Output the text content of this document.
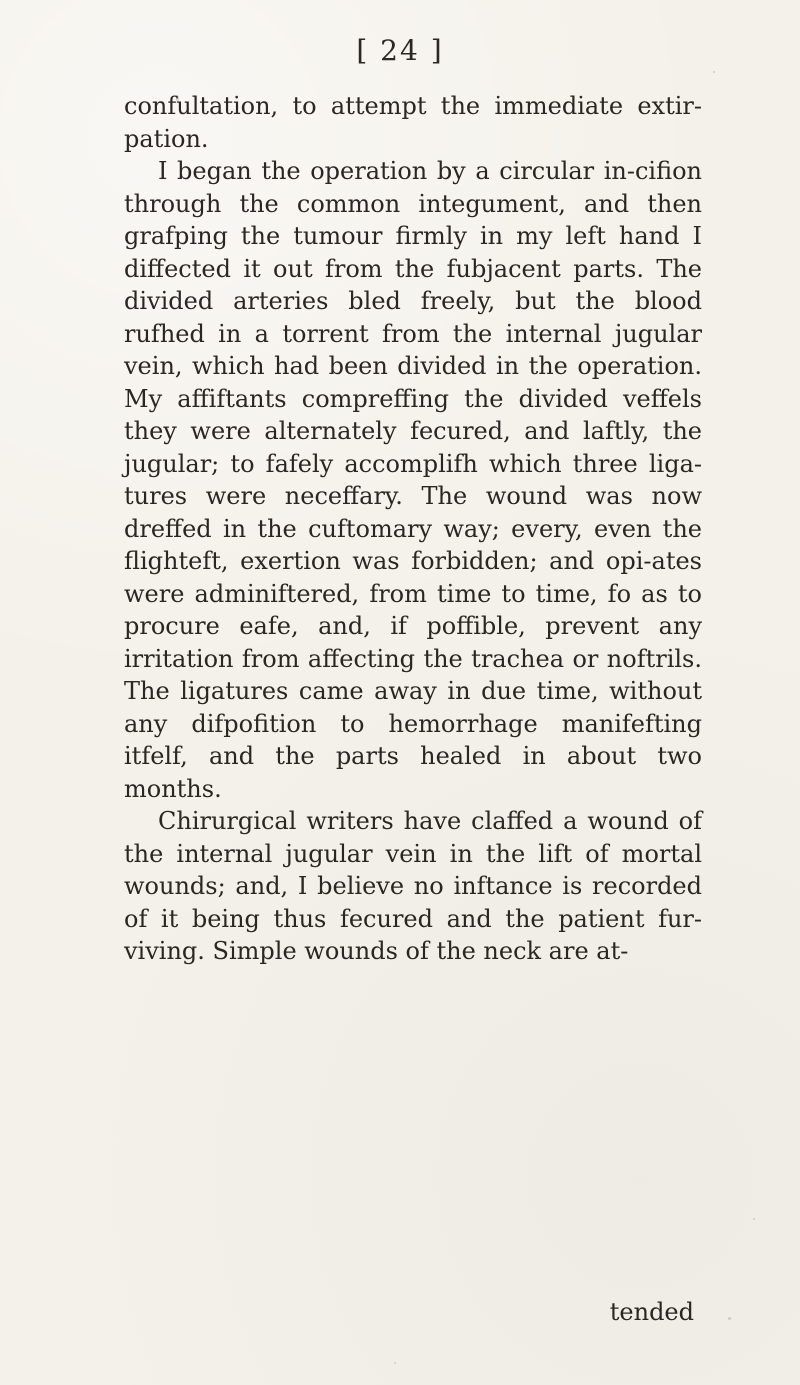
[ 24 ]

confultation, to attempt the immediate extir-pation.

I began the operation by a circular in-cifion through the common integument, and then grafping the tumour firmly in my left hand I diffected it out from the fubjacent parts. The divided arteries bled freely, but the blood rufhed in a torrent from the internal jugular vein, which had been divided in the operation. My affiftants compreffing the divided veffels they were alternately fecured, and laftly, the jugular; to fafely accomplifh which three liga-tures were neceffary. The wound was now dreffed in the cuftomary way; every, even the flighteft, exertion was forbidden; and opi-ates were adminiftered, from time to time, fo as to procure eafe, and, if poffible, prevent any irritation from affecting the trachea or noftrils. The ligatures came away in due time, without any difpofition to hemorrhage manifefting itfelf, and the parts healed in about two months.

Chirurgical writers have claffed a wound of the internal jugular vein in the lift of mortal wounds; and, I believe no inftance is recorded of it being thus fecured and the patient fur-viving. Simple wounds of the neck are at-

tended
